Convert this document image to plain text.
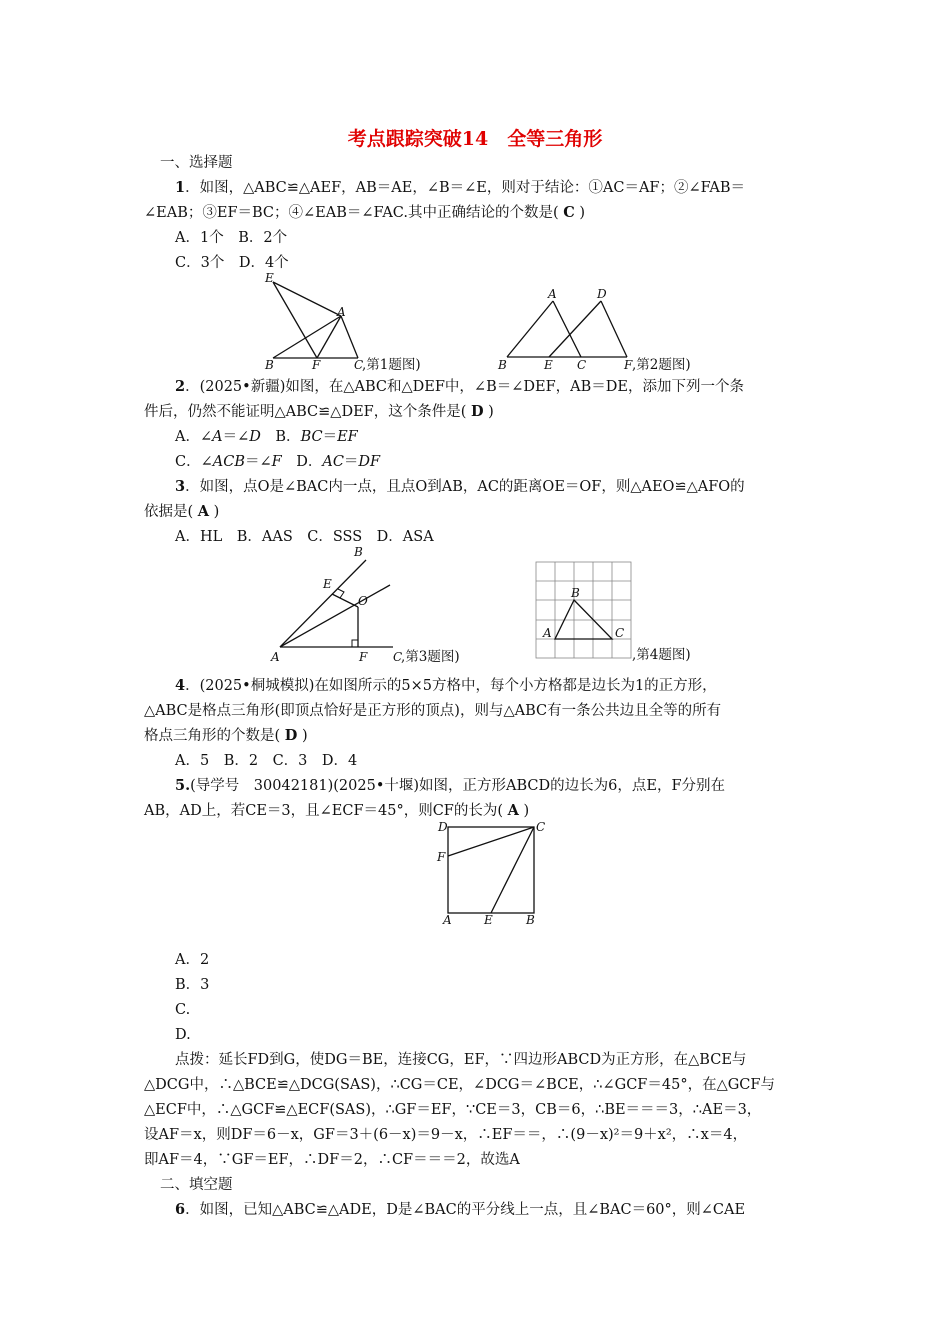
考点跟踪突破14　全等三角形
一、选择题
1．如图，△ABC≌△AEF，AB＝AE，∠B＝∠E，则对于结论：①AC＝AF；②∠FAB＝
∠EAB；③EF＝BC；④∠EAB＝∠FAC.其中正确结论的个数是( C )
A．1个　B．2个
C．3个　D．4个
E
A
B	F	C
,第1题图)
A	D
B	E C	F ,第2题图)
2．(2025•新疆)如图，在△ABC和△DEF中，∠B＝∠DEF，AB＝DE，添加下列一个条
件后，仍然不能证明△ABC≌△DEF，这个条件是( D )
A．∠A＝∠D　B．BC＝EF
C．∠ACB＝∠F　D．AC＝DF
3．如图，点O是∠BAC内一点，且点O到AB，AC的距离OE＝OF，则△AEO≌△AFO的
依据是( A )
A．HL　B．AAS　C．SSS　D．ASA
B
E
O
A	F C
,第3题图)
B
A	C
,第4题图)
4．(2025•桐城模拟)在如图所示的5×5方格中，每个小方格都是边长为1的正方形，
△ABC是格点三角形(即顶点恰好是正方形的顶点)，则与△ABC有一条公共边且全等的所有
格点三角形的个数是( D )
A．5　B．2　C．3　D．4
5.(导学号　30042181)(2025•十堰)如图，正方形ABCD的边长为6，点E，F分别在
AB，AD上，若CE＝3，且∠ECF＝45°，则CF的长为( A )
D	C
F
A	E	B
A．2
B．3
C.
D.
点拨：延长FD到G，使DG＝BE，连接CG，EF，∵四边形ABCD为正方形，在△BCE与
△DCG中，∴△BCE≌△DCG(SAS)，∴CG＝CE，∠DCG＝∠BCE，∴∠GCF＝45°，在△GCF与
△ECF中，∴△GCF≌△ECF(SAS)，∴GF＝EF，∵CE＝3，CB＝6，∴BE＝＝＝3，∴AE＝3，
设AF＝x，则DF＝6－x，GF＝3＋(6－x)＝9－x，∴EF＝＝，∴(9－x)²＝9＋x²，∴x＝4，
即AF＝4，∵GF＝EF，∴DF＝2，∴CF＝＝＝2，故选A
二、填空题
6．如图，已知△ABC≌△ADE，D是∠BAC的平分线上一点，且∠BAC＝60°，则∠CAE
